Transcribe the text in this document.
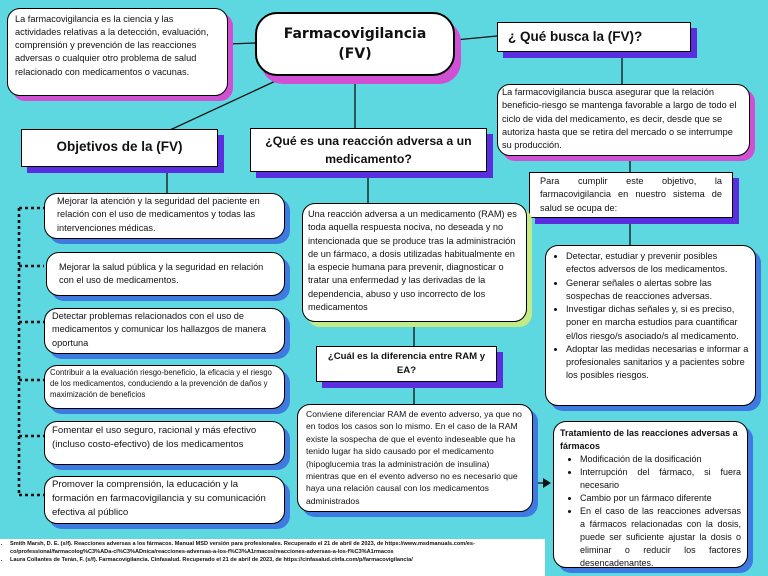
Farmacovigilancia
(FV)
La farmacovigilancia es la ciencia y las actividades relativas a la detección, evaluación, comprensión y prevención de las reacciones adversas o cualquier otro problema de salud relacionado con medicamentos o vacunas.
¿ Qué busca la (FV)?
La farmacovigilancia busca asegurar que la relación beneficio-riesgo se mantenga favorable a largo de todo el ciclo de vida del medicamento, es decir, desde que se autoriza hasta que se retira del mercado o se interrumpe su producción.
Para cumplir este objetivo, la farmacovigilancia en nuestro sistema de salud se ocupa de:
• Detectar, estudiar y prevenir posibles efectos adversos de los medicamentos.
• Generar señales o alertas sobre las sospechas de reacciones adversas.
• Investigar dichas señales y, si es preciso, poner en marcha estudios para cuantificar el/los riesgo/s asociado/s al medicamento.
• Adoptar las medidas necesarias e informar a profesionales sanitarios y a pacientes sobre los posibles riesgos.
Objetivos de la (FV)	¿Qué es una reacción adversa a un medicamento?
Mejorar la atención y la seguridad del paciente en relación con el uso de medicamentos y todas las intervenciones médicas.
Mejorar la salud pública y la seguridad en relación con el uso de medicamentos.
Detectar problemas relacionados con el uso de medicamentos y comunicar los hallazgos de manera oportuna
Contribuir a la evaluación riesgo-beneficio, la eficacia y el riesgo de los medicamentos, conduciendo a la prevención de daños y maximización de beneficios
Fomentar el uso seguro, racional y más efectivo (incluso costo-efectivo) de los medicamentos
Promover la comprensión, la educación y la formación en farmacovigilancia y su comunicación efectiva al público
Una reacción adversa a un medicamento (RAM) es toda aquella respuesta nociva, no deseada y no intencionada que se produce tras la administración de un fármaco, a dosis utilizadas habitualmente en la especie humana para prevenir, diagnosticar o tratar una enfermedad y las derivadas de la dependencia, abuso y uso incorrecto de los medicamentos
¿Cuál es la diferencia entre RAM y EA?
Conviene diferenciar RAM de evento adverso, ya que no en todos los casos son lo mismo. En el caso de la RAM existe la sospecha de que el evento indeseable que ha tenido lugar ha sido causado por el medicamento (hipoglucemia tras la administración de insulina) mientras que en el evento adverso no es necesario que haya una relación causal con los medicamentos administrados
Tratamiento de las reacciones adversas a fármacos
• Modificación de la dosificación
• Interrupción del fármaco, si fuera necesario
• Cambio por un fármaco diferente
• En el caso de las reacciones adversas a fármacos relacionadas con la dosis, puede ser suficiente ajustar la dosis o eliminar o reducir los factores desencadenantes.
• Smith Marsh, D. E. (s/f). Reacciones adversas a los fármacos. Manual MSD versión para profesionales. Recuperado el 21 de abril de 2023, de https://www.msdmanuals.com/es-co/professional/farmacolog%C3%ADa-cl%C3%ADnica/reacciones-adversas-a-los-f%C3%A1rmacos/reacciones-adversas-a-los-f%C3%A1rmacos
• Laura Collantes de Terán, F. (s/f). Farmacovigilancia. Cinfasalud. Recuperado el 21 de abril de 2023, de https://cinfasalud.cinfa.com/p/farmacovigilancia/
